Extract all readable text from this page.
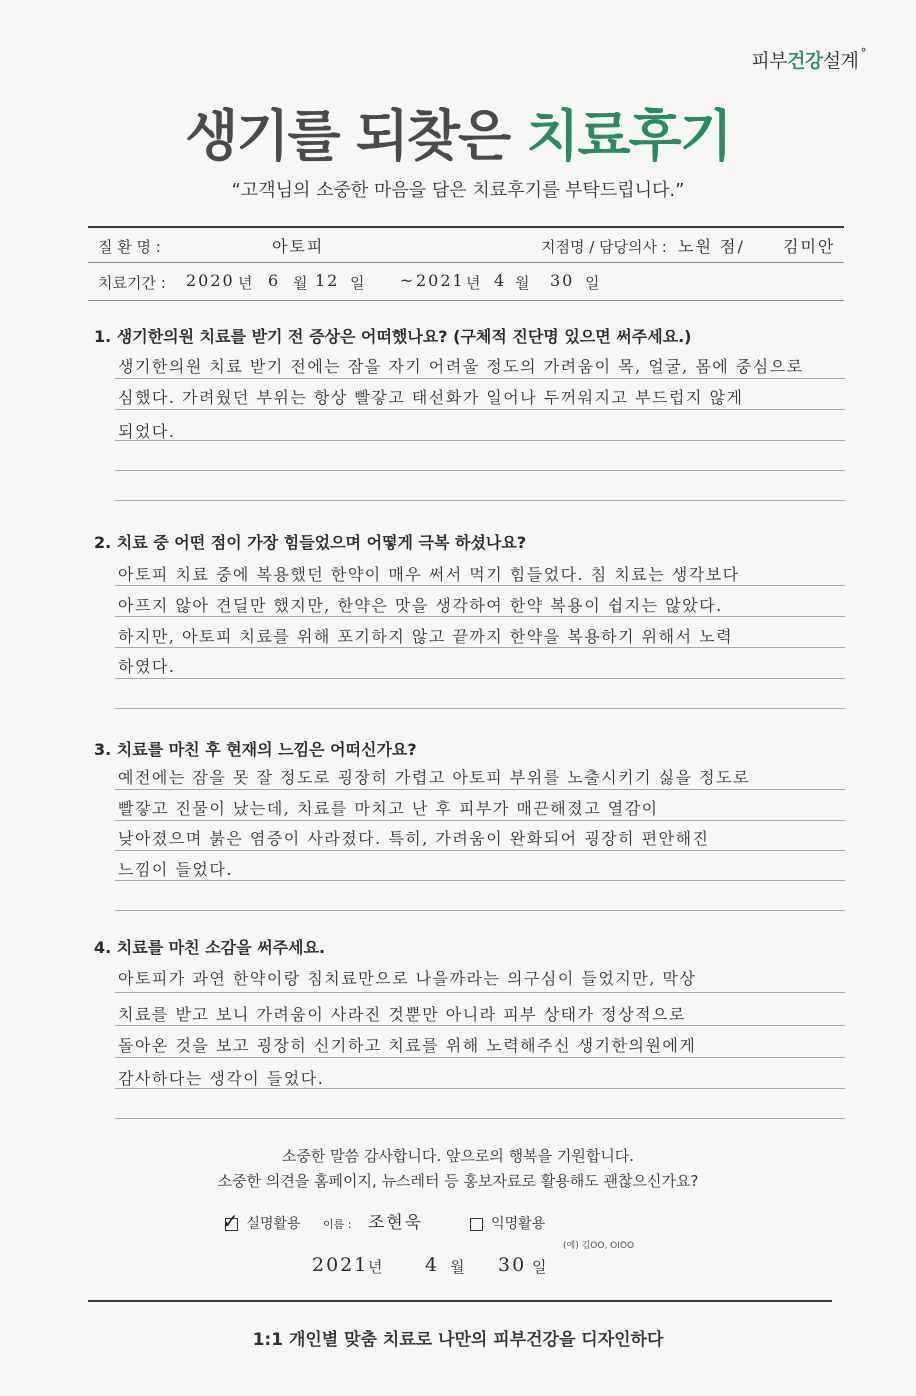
피부건강설계 °
생기를 되찾은 치료후기
“고객님의 소중한 마음을 담은 치료후기를 부탁드립니다.”
질 환 명 :	아토피	지점명 / 담당의사 : 노원 점/ 김미안
치료기간 : 2020 년 6 월 12 일 ~ 2021 년 4 월 30 일
1. 생기한의원 치료를 받기 전 증상은 어떠했나요? (구체적 진단명 있으면 써주세요.)
생기한의원 치료 받기 전에는 잠을 자기 어려울 정도의 가려움이 목, 얼굴, 몸에 중심으로
심했다. 가려웠던 부위는 항상 빨갛고 태선화가 일어나 두꺼워지고 부드럽지 않게
되었다.
2. 치료 중 어떤 점이 가장 힘들었으며 어떻게 극복 하셨나요?
아토피 치료 중에 복용했던 한약이 매우 써서 먹기 힘들었다. 침 치료는 생각보다
아프지 않아 견딜만 했지만, 한약은 맛을 생각하여 한약 복용이 쉽지는 않았다.
하지만, 아토피 치료를 위해 포기하지 않고 끝까지 한약을 복용하기 위해서 노력
하였다.
3. 치료를 마친 후 현재의 느낌은 어떠신가요?
예전에는 잠을 못 잘 정도로 굉장히 가렵고 아토피 부위를 노출시키기 싫을 정도로
빨갛고 진물이 났는데, 치료를 마치고 난 후 피부가 매끈해졌고 열감이
낮아졌으며 붉은 염증이 사라졌다. 특히, 가려움이 완화되어 굉장히 편안해진
느낌이 들었다.
4. 치료를 마친 소감을 써주세요.
아토피가 과연 한약이랑 침치료만으로 나을까라는 의구심이 들었지만, 막상
치료를 받고 보니 가려움이 사라진 것뿐만 아니라 피부 상태가 정상적으로
돌아온 것을 보고 굉장히 신기하고 치료를 위해 노력해주신 생기한의원에게
감사하다는 생각이 들었다.
소중한 말씀 감사합니다. 앞으로의 행복을 기원합니다.
소중한 의견을 홈페이지, 뉴스레터 등 홍보자료로 활용해도 괜찮으신가요?
✓ 실명활용 이름 : 조현욱	익명활용
(예) 김OO, OIOO
2021 년 4 월 30 일
1:1 개인별 맞춤 치료로 나만의 피부건강을 디자인하다
